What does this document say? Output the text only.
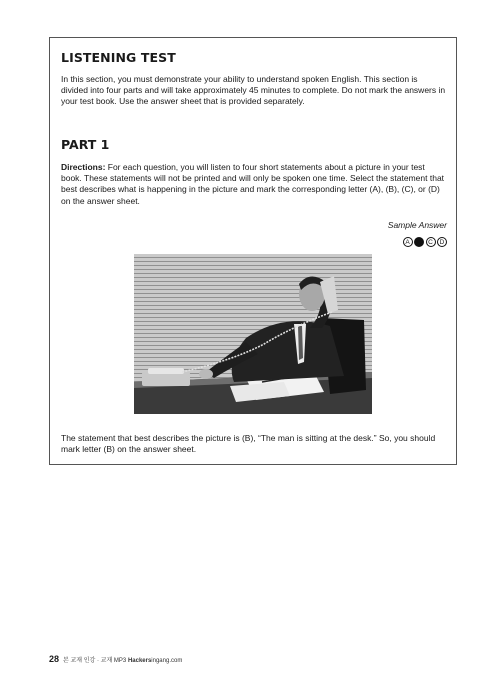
LISTENING TEST

In this section, you must demonstrate your ability to understand spoken English. This section is divided into four parts and will take approximately 45 minutes to complete. Do not mark the answers in your test book. Use the answer sheet that is provided separately.

PART 1

Directions: For each question, you will listen to four short statements about a picture in your test book. These statements will not be printed and will only be spoken one time. Select the statement that best describes what is happening in the picture and mark the corresponding letter (A), (B), (C), or (D) on the answer sheet.

Sample Answer
A	B	C	D

The statement that best describes the picture is (B), “The man is sitting at the desk.” So, you should mark letter (B) on the answer sheet.

28 본 교재 인강 · 교재 MP3 Hackersingang.com
